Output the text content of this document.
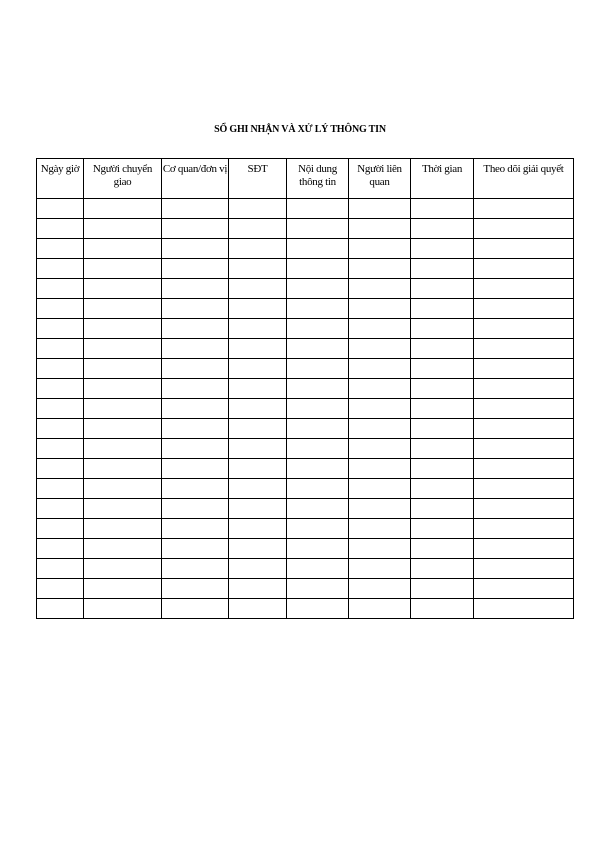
SỔ GHI NHẬN VÀ XỬ LÝ THÔNG TIN
Ngày giờ	Người chuyển giao	Cơ quan/đơn vị	SĐT	Nội dung thông tin	Người liên quan	Thời gian	Theo dõi giải quyết
